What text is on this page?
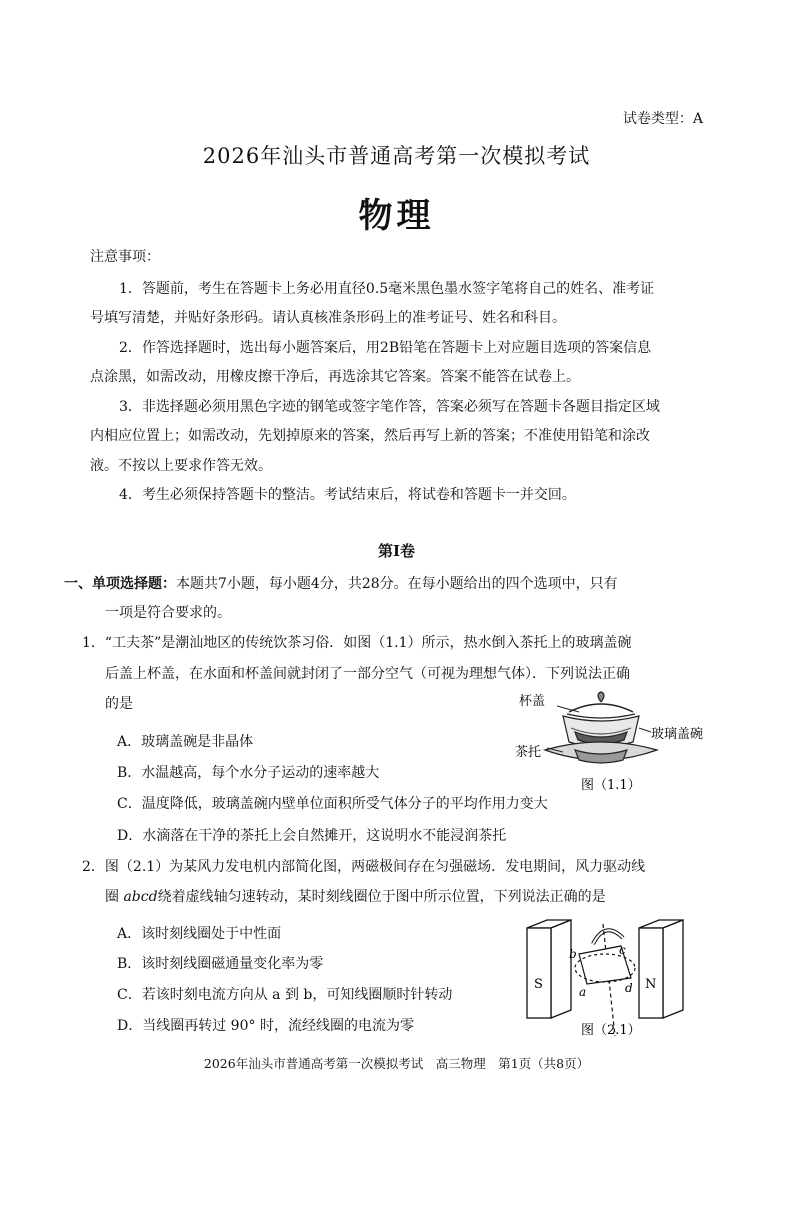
试卷类型：A
2026年汕头市普通高考第一次模拟考试
物理
注意事项：
1．答题前，考生在答题卡上务必用直径0.5毫米黑色墨水签字笔将自己的姓名、准考证
号填写清楚，并贴好条形码。请认真核准条形码上的准考证号、姓名和科目。
2．作答选择题时，选出每小题答案后，用2B铅笔在答题卡上对应题目选项的答案信息
点涂黑，如需改动，用橡皮擦干净后，再选涂其它答案。答案不能答在试卷上。
3．非选择题必须用黑色字迹的钢笔或签字笔作答，答案必须写在答题卡各题目指定区域
内相应位置上；如需改动，先划掉原来的答案，然后再写上新的答案；不准使用铅笔和涂改
液。不按以上要求作答无效。
4．考生必须保持答题卡的整洁。考试结束后，将试卷和答题卡一并交回。
第Ⅰ卷
一、单项选择题：本题共7小题，每小题4分，共28分。在每小题给出的四个选项中，只有
一项是符合要求的。
1．“工夫茶”是潮汕地区的传统饮茶习俗．如图（1.1）所示，热水倒入茶托上的玻璃盖碗
后盖上杯盖，在水面和杯盖间就封闭了一部分空气（可视为理想气体）．下列说法正确
的是
A．玻璃盖碗是非晶体
B．水温越高，每个水分子运动的速率越大
C．温度降低，玻璃盖碗内壁单位面积所受气体分子的平均作用力变大
D．水滴落在干净的茶托上会自然摊开，这说明水不能浸润茶托
杯盖
玻璃盖碗
茶托
图（1.1）
2．图（2.1）为某风力发电机内部简化图，两磁极间存在匀强磁场．发电期间，风力驱动线
圈 abcd绕着虚线轴匀速转动，某时刻线圈位于图中所示位置，下列说法正确的是
A．该时刻线圈处于中性面
B．该时刻线圈磁通量变化率为零
C．若该时刻电流方向从 a 到 b，可知线圈顺时针转动
D．当线圈再转过 90° 时，流经线圈的电流为零
S	N
b	c
a	d
图（2.1）
2026年汕头市普通高考第一次模拟考试　高三物理　第1页（共8页）
